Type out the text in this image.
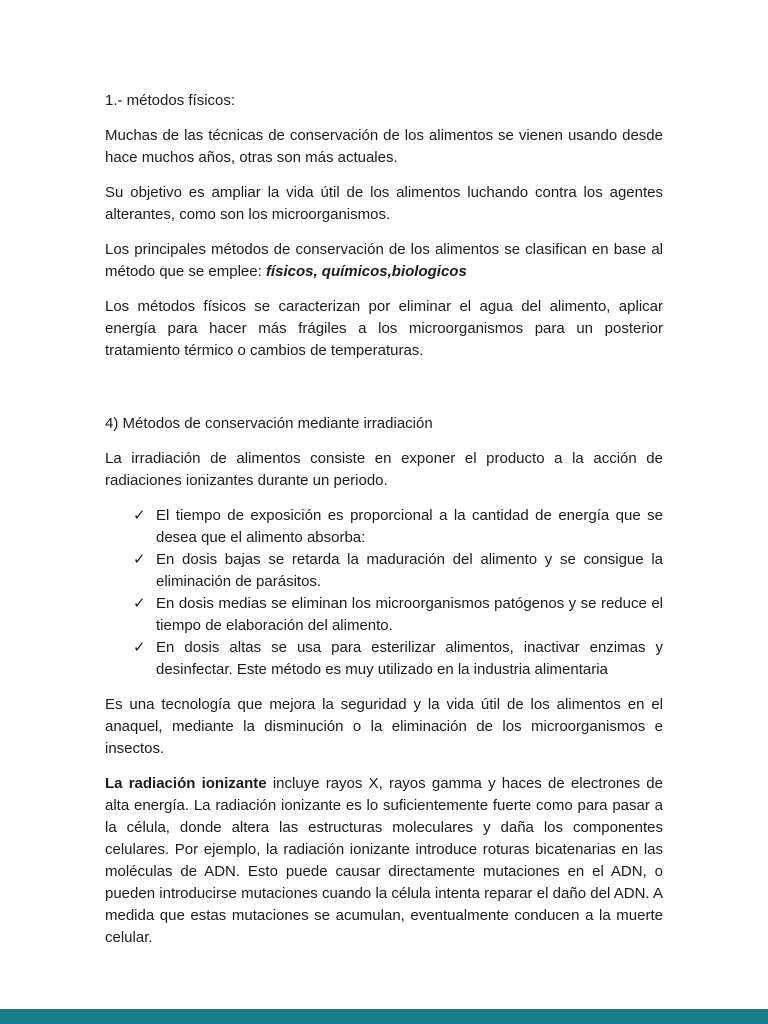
1.- métodos físicos:

Muchas de las técnicas de conservación de los alimentos se vienen usando desde hace muchos años, otras son más actuales.

Su objetivo es ampliar la vida útil de los alimentos luchando contra los agentes alterantes, como son los microorganismos.

Los principales métodos de conservación de los alimentos se clasifican en base al método que se emplee: físicos, químicos,biologicos

Los métodos físicos se caracterizan por eliminar el agua del alimento, aplicar energía para hacer más frágiles a los microorganismos para un posterior tratamiento térmico o cambios de temperaturas.

4) Métodos de conservación mediante irradiación

La irradiación de alimentos consiste en exponer el producto a la acción de radiaciones ionizantes durante un periodo.

✓ El tiempo de exposición es proporcional a la cantidad de energía que se desea que el alimento absorba:
✓ En dosis bajas se retarda la maduración del alimento y se consigue la eliminación de parásitos.
✓ En dosis medias se eliminan los microorganismos patógenos y se reduce el tiempo de elaboración del alimento.
✓ En dosis altas se usa para esterilizar alimentos, inactivar enzimas y desinfectar. Este método es muy utilizado en la industria alimentaria

Es una tecnología que mejora la seguridad y la vida útil de los alimentos en el anaquel, mediante la disminución o la eliminación de los microorganismos e insectos.

La radiación ionizante incluye rayos X, rayos gamma y haces de electrones de alta energía. La radiación ionizante es lo suficientemente fuerte como para pasar a la célula, donde altera las estructuras moleculares y daña los componentes celulares. Por ejemplo, la radiación ionizante introduce roturas bicatenarias en las moléculas de ADN. Esto puede causar directamente mutaciones en el ADN, o pueden introducirse mutaciones cuando la célula intenta reparar el daño del ADN. A medida que estas mutaciones se acumulan, eventualmente conducen a la muerte celular.
